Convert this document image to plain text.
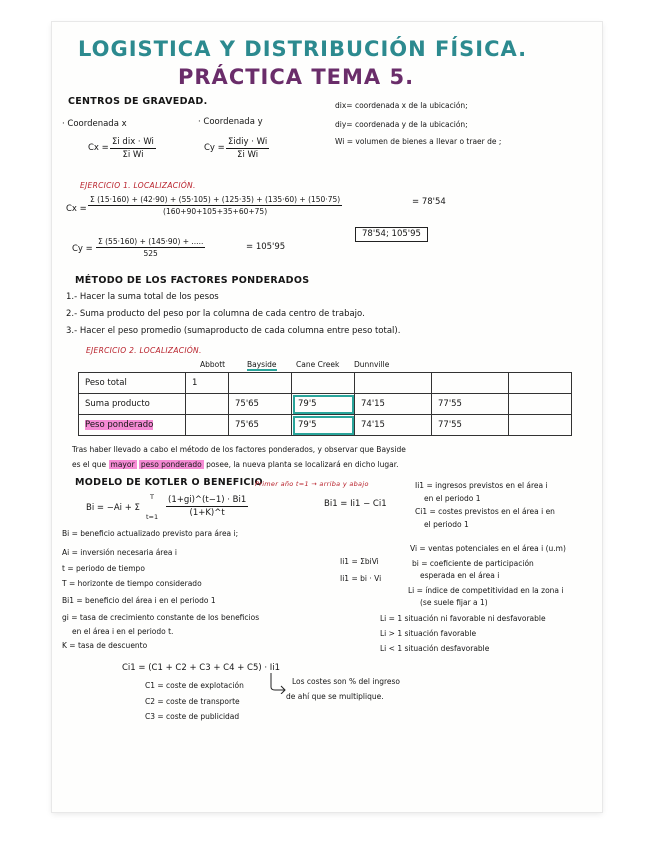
LOGISTICA Y DISTRIBUCIÓN FÍSICA.
PRÁCTICA TEMA 5.
CENTROS DE GRAVEDAD.
· Coordenada x	· Coordenada y
Cx =
Σi dix · Wi
Σi Wi
Cy =
Σidiy · Wi
Σi Wi
dix= coordenada x de la ubicación;
diy= coordenada y de la ubicación;
Wi = volumen de bienes a llevar o traer de ;
EJERCICIO 1. LOCALIZACIÓN.
Cx =
Σ (15·160) + (42·90) + (55·105) + (125·35) + (135·60) + (150·75)
(160+90+105+35+60+75)
= 78'54
$Cy = \frac{\Sigma (55\cdot 160) + (145\cdot 90) + .....}{525}$	= 105'95
78'54; 105'95
MÉTODO DE LOS FACTORES PONDERADOS
1.- Hacer la suma total de los pesos
2.- Suma producto del peso por la columna de cada centro de trabajo.
3.- Hacer el peso promedio (sumaproducto de cada columna entre peso total).
EJERCICIO 2. LOCALIZACIÓN.
Abbott	Bayside	Cane Creek Dunnville
Peso total	1					
Suma producto		75'65	79'5	74'15	77'55	
Peso ponderado		75'65	79'5	74'15	77'55	
Tras haber llevado a cabo el método de los factores ponderados, y observar que Bayside
es el que mayor peso ponderado posee, la nueva planta se localizará en dicho lugar.
MODELO DE KOTLER O BENEFICIO
Primer año t=1 → arriba y abajo
Bi = −Ai + Σ
T
$t=1 \frac{(1+gi)\^{}(t-1) \cdot Bi1}{(1+K)\^{}t}$	Bi1 = Ii1 − Ci1
Ii1 = ingresos previstos en el área i
en el periodo 1
Ci1 = costes previstos en el área i en
el periodo 1
Bi = beneficio actualizado previsto para área i;
Ai = inversión necesaria área i
t = periodo de tiempo
T = horizonte de tiempo considerado
Bi1 = beneficio del área i en el periodo 1
gi = tasa de crecimiento constante de los beneficios
en el área i en el periodo t.
K = tasa de descuento
Ii1 = ΣbiVi
Ii1 = bi · Vi
Vi = ventas potenciales en el área i (u.m)
bi = coeficiente de participación
esperada en el área i
Li = índice de competitividad en la zona i
(se suele fijar a 1)
Li = 1 situación ni favorable ni desfavorable
Li > 1 situación favorable
Li < 1 situación desfavorable
Ci1 = (C1 + C2 + C3 + C4 + C5) · Ii1
C1 = coste de explotación
C2 = coste de transporte
C3 = coste de publicidad
Los costes son % del ingreso
de ahí que se multiplique.
